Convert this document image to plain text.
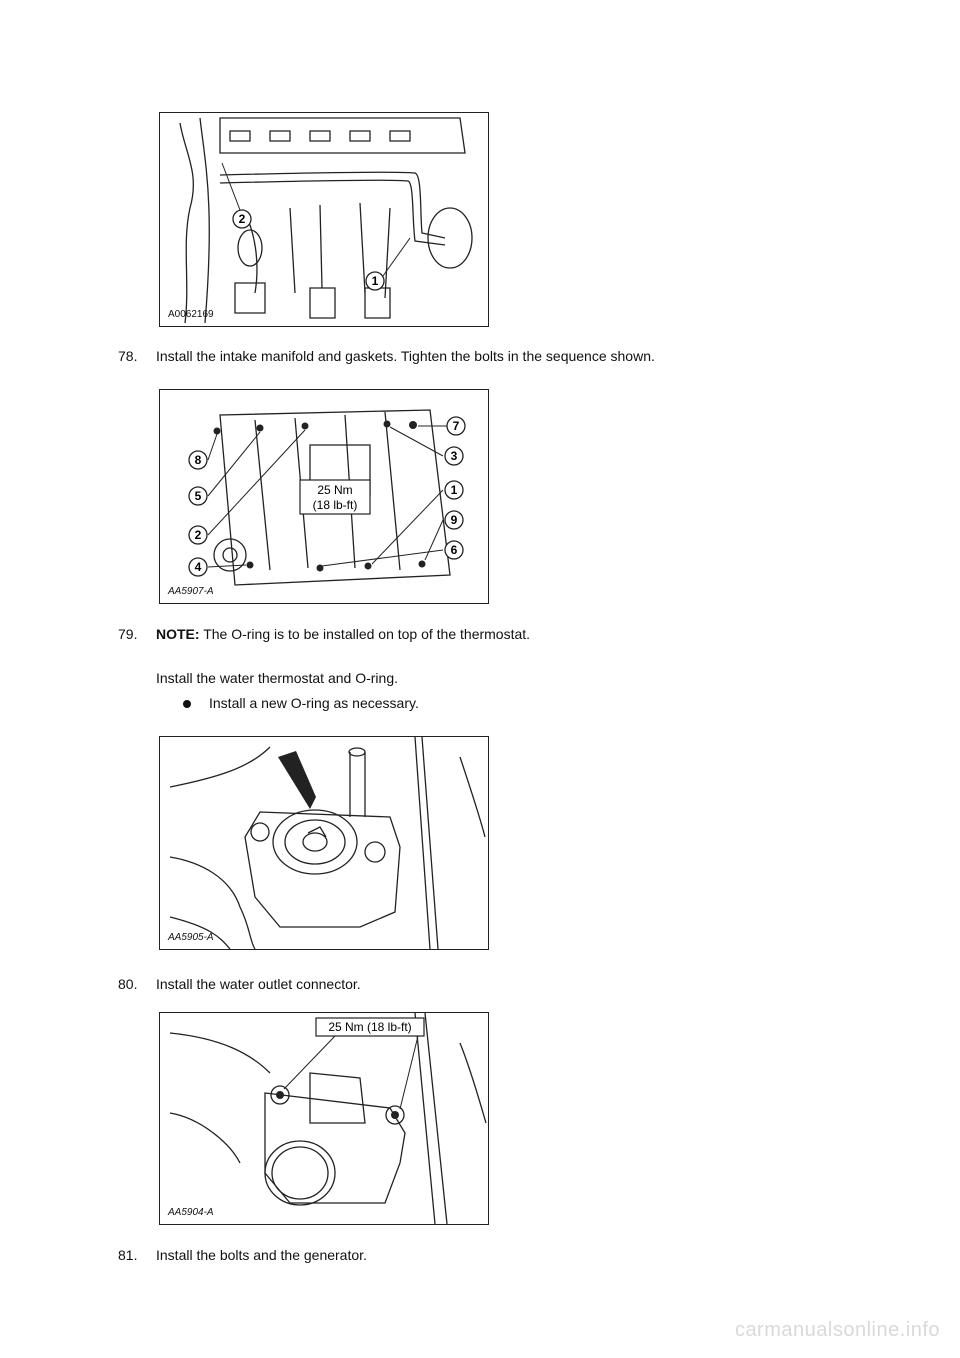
2
1
A0062169
78.	Install the intake manifold and gaskets. Tighten the bolts in the sequence shown.
25 Nm
(18 lb-ft)
7
8	3
5	1
2
9
4
6
AA5907-A
79.	NOTE: The O-ring is to be installed on top of the thermostat.
Install the water thermostat and O-ring.
Install a new O-ring as necessary.
AA5905-A
80.	Install the water outlet connector.
25 Nm (18 lb-ft)
AA5904-A
81.	Install the bolts and the generator.
carmanualsonline.info
